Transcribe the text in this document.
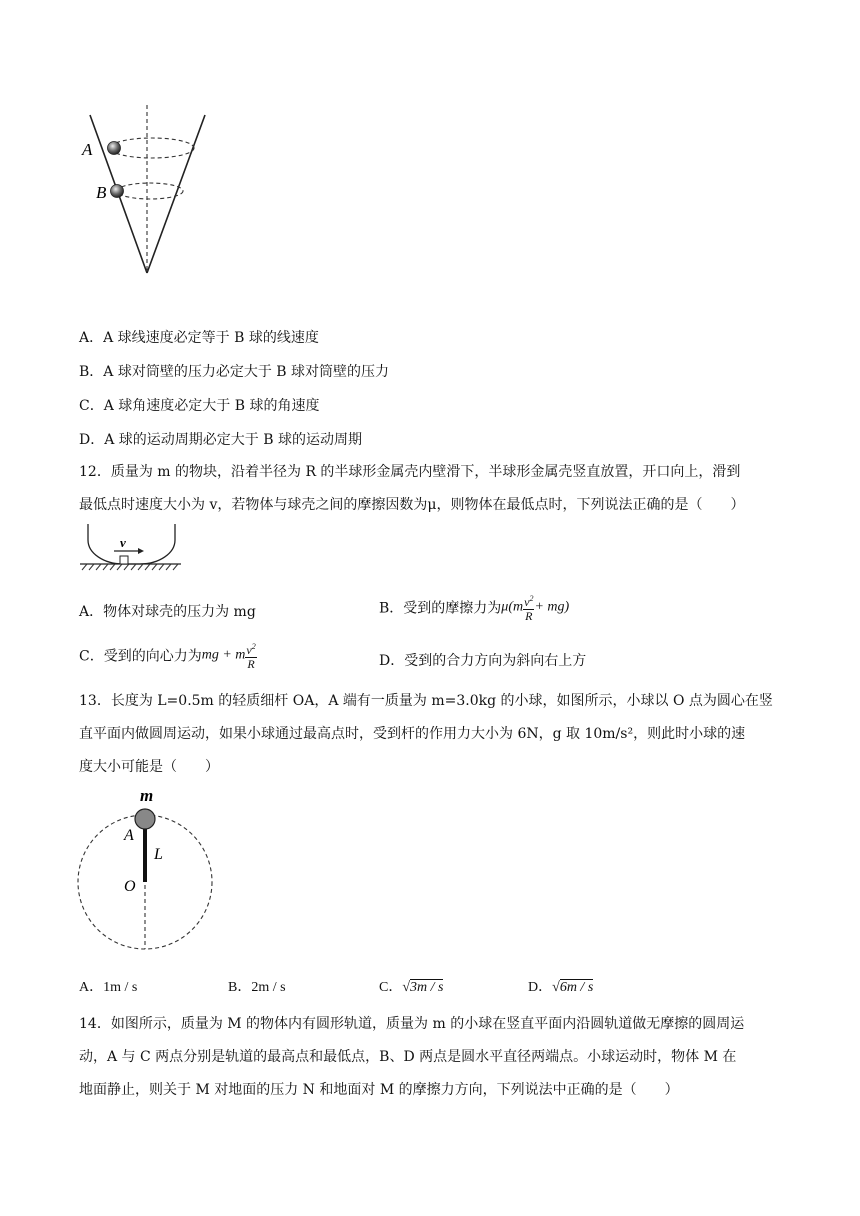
A
B
A．A 球线速度必定等于 B 球的线速度
B．A 球对筒壁的压力必定大于 B 球对筒壁的压力
C．A 球角速度必定大于 B 球的角速度
D．A 球的运动周期必定大于 B 球的运动周期
12．质量为 m 的物块，沿着半径为 R 的半球形金属壳内壁滑下，半球形金属壳竖直放置，开口向上，滑到
最低点时速度大小为 v，若物体与球壳之间的摩擦因数为μ，则物体在最低点时，下列说法正确的是（　　）
v
A．物体对球壳的压力为 mg	B．受到的摩擦力为$\mu(m \frac{v^2}{R} + mg)$
C．受到的向心力为mg + m $\frac{v^2}{R}$	D．受到的合力方向为斜向右上方
13．长度为 L=0.5m 的轻质细杆 OA，A 端有一质量为 m=3.0kg 的小球，如图所示，小球以 O 点为圆心在竖
直平面内做圆周运动，如果小球通过最高点时，受到杆的作用力大小为 6N，g 取 10m/s²，则此时小球的速
度大小可能是（　　）
m
A
L
O
A．1m / s	B．2m / s	C．√3m / s	D．√6m / s
14．如图所示，质量为 M 的物体内有圆形轨道，质量为 m 的小球在竖直平面内沿圆轨道做无摩擦的圆周运
动，A 与 C 两点分别是轨道的最高点和最低点，B、D 两点是圆水平直径两端点。小球运动时，物体 M 在
地面静止，则关于 M 对地面的压力 N 和地面对 M 的摩擦力方向，下列说法中正确的是（　　）
